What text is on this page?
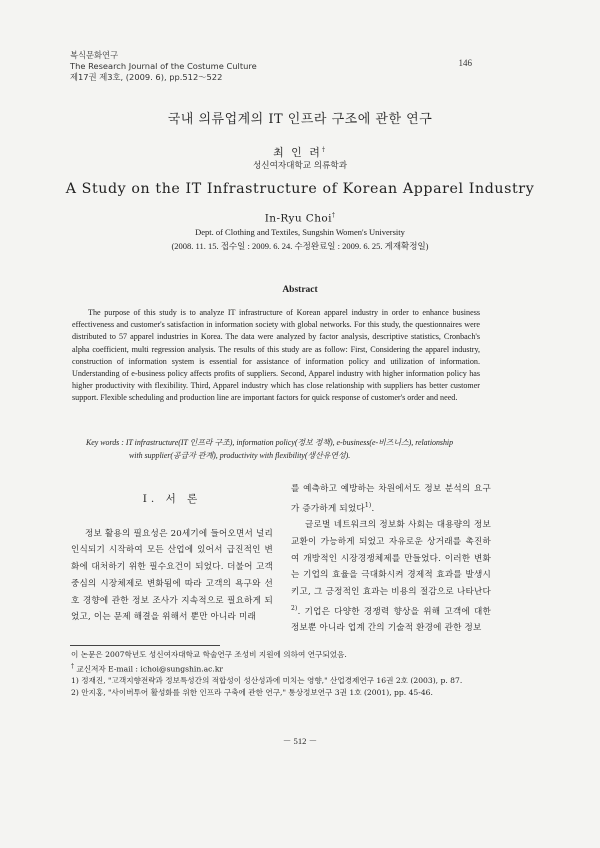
복식문화연구
The Research Journal of the Costume Culture
제17권 제3호, (2009. 6), pp.512～522
146
국내 의류업계의 IT 인프라 구조에 관한 연구
최 인 려†
성신여자대학교 의류학과
A Study on the IT Infrastructure of Korean Apparel Industry
In-Ryu Choi†
Dept. of Clothing and Textiles, Sungshin Women's University
(2008. 11. 15. 접수일 : 2009. 6. 24. 수정완료일 : 2009. 6. 25. 게재확정일)
Abstract
The purpose of this study is to analyze IT infrastructure of Korean apparel industry in order to enhance business effectiveness and customer's satisfaction in information society with global networks. For this study, the questionnaires were distributed to 57 apparel industries in Korea. The data were analyzed by factor analysis, descriptive statistics, Cronbach's alpha coefficient, multi regression analysis. The results of this study are as follow: First, Considering the apparel industry, construction of information system is essential for assistance of information policy and utilization of information. Understanding of e-business policy affects profits of suppliers. Second, Apparel industry with higher information policy has higher productivity with flexibility. Third, Apparel industry which has close relationship with suppliers has better customer support. Flexible scheduling and production line are important factors for quick response of customer's order and need.
Key words : IT infrastructure(IT 인프라 구조), information policy(정보 정책), e-business(e-비즈니스), relationship
with supplier(공급자 관계), productivity with flexibility(생산유연성).
Ⅰ. 서 론
정보 활용의 필요성은 20세기에 들어오면서 널리 인식되기 시작하여 모든 산업에 있어서 급진적인 변화에 대처하기 위한 필수요건이 되었다. 더불어 고객 중심의 시장체제로 변화됨에 따라 고객의 욕구와 선호 경향에 관한 정보 조사가 지속적으로 필요하게 되었고, 이는 문제 해결을 위해서 뿐만 아니라 미래
를 예측하고 예방하는 차원에서도 정보 분석의 요구가 증가하게 되었다$^{1)}$.
글로벌 네트워크의 정보화 사회는 대용량의 정보교환이 가능하게 되었고 자유로운 상거래를 촉진하여 개방적인 시장경쟁체제를 만들었다. 이러한 변화는 기업의 효율을 극대화시켜 경제적 효과를 발생시키고, 그 긍정적인 효과는 비용의 절감으로 나타난다$^{2)}$. 기업은 다양한 경쟁력 향상을 위해 고객에 대한 정보뿐 아니라 업계 간의 기술적 환경에 관한 정보
이 논문은 2007학년도 성신여자대학교 학술연구 조성비 지원에 의하여 연구되었음.
† 교신저자 E-mail : ichoi@sungshin.ac.kr
1) 정재진, "고객지향전략과 정보특성간의 적합성이 성산성과에 미치는 영향," 산업경제연구 16권 2호 (2003), p. 87.
2) 안지홍, "사이버투어 활성화를 위한 인프라 구축에 관한 연구," 통상정보연구 3권 1호 (2001), pp. 45-46.
－ 512 －
